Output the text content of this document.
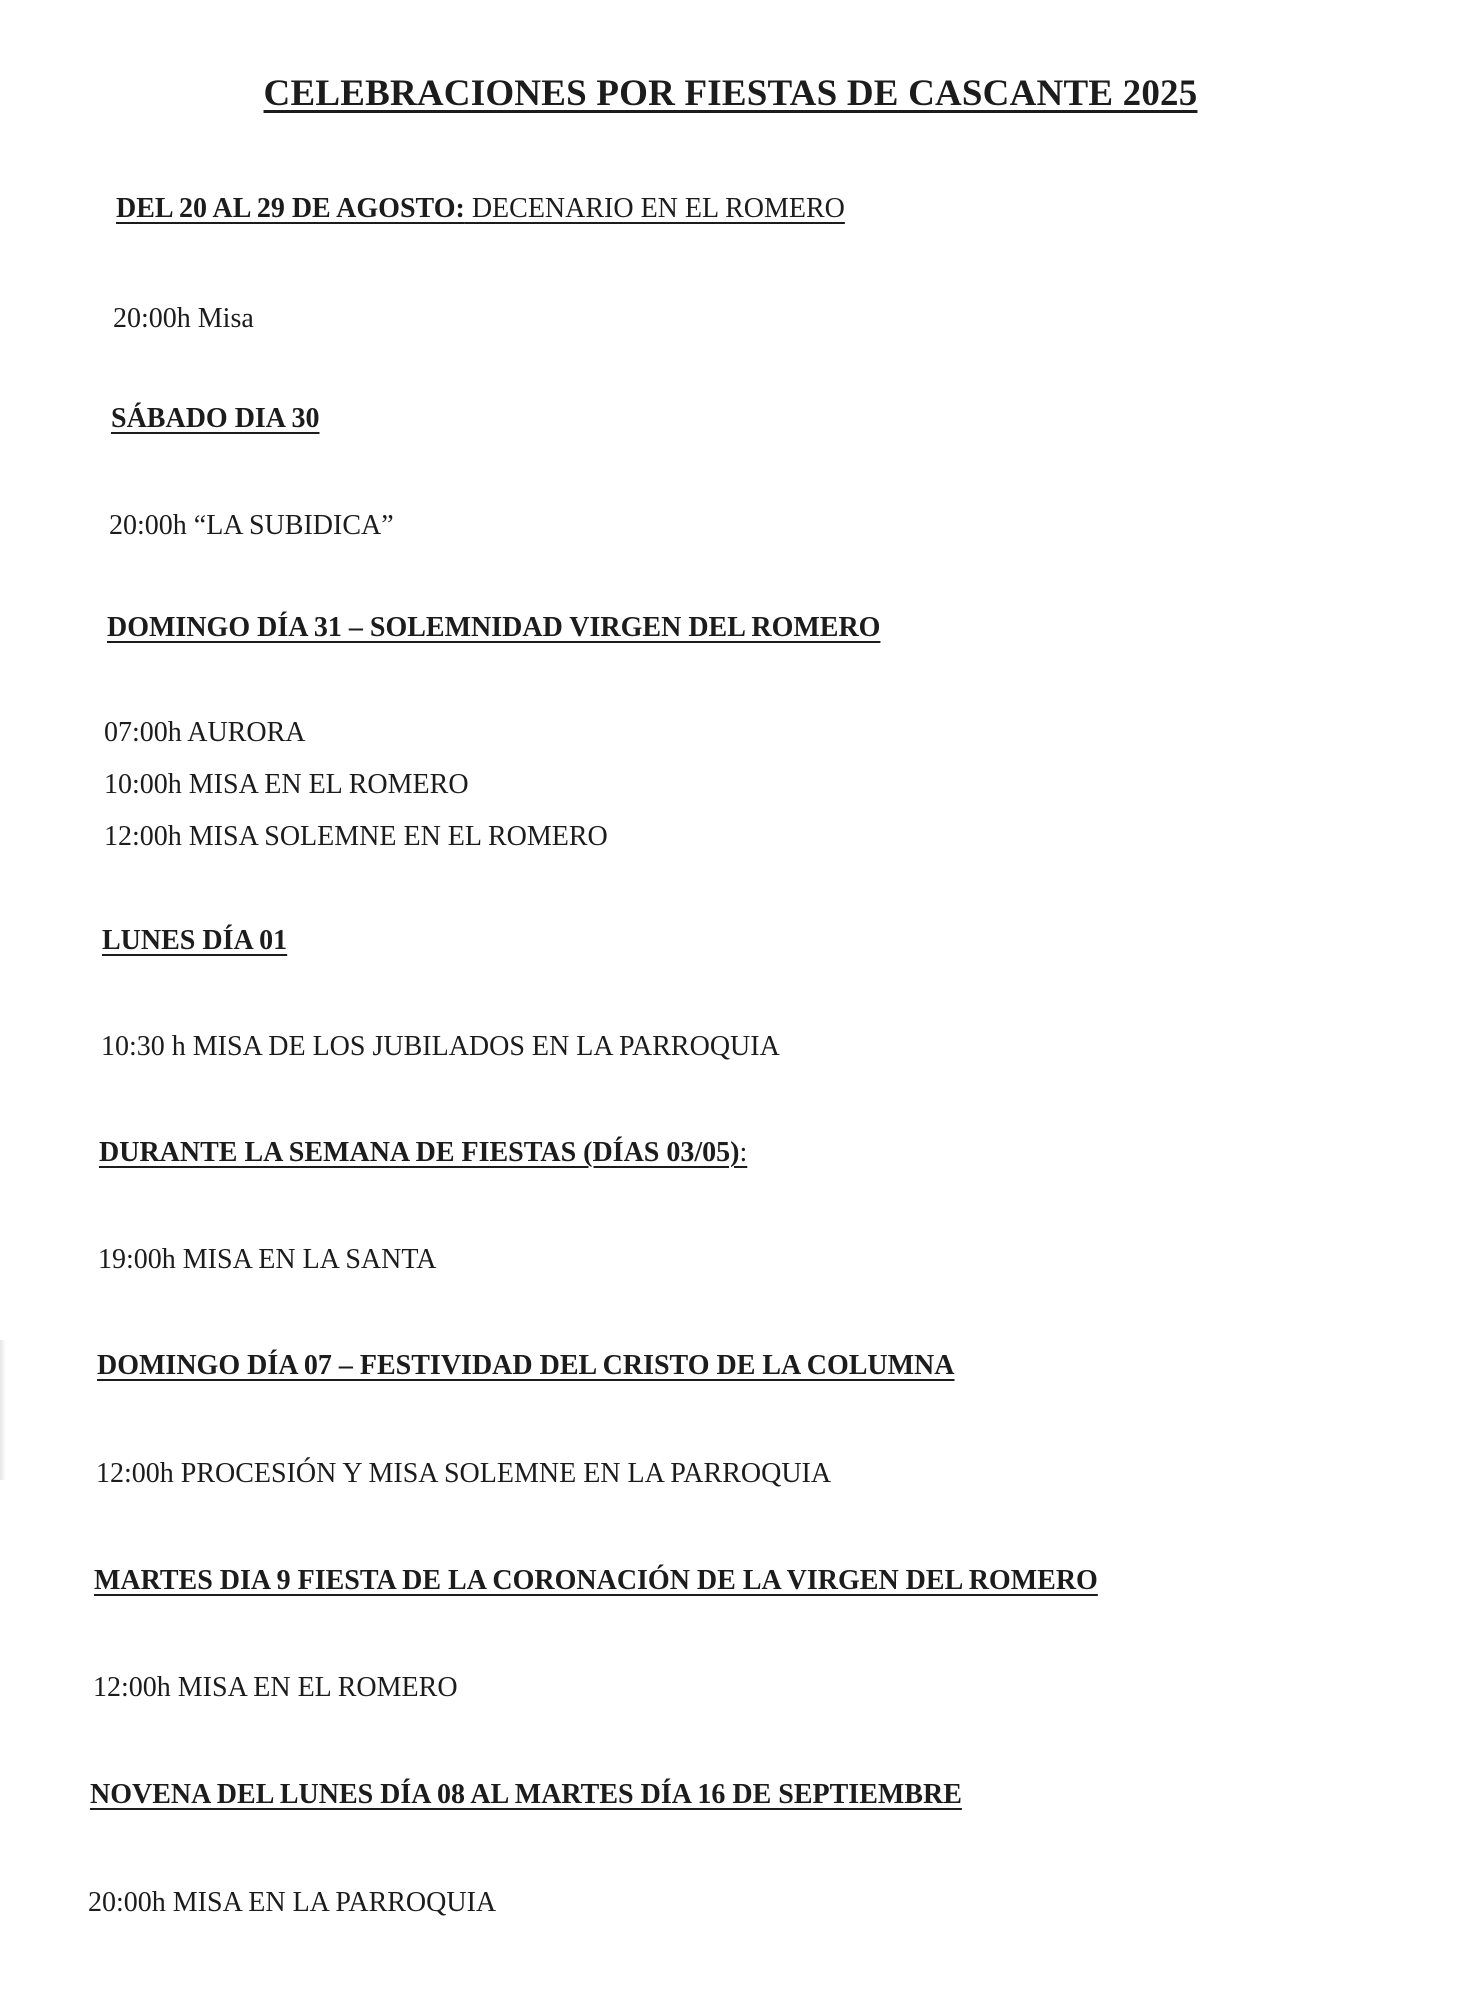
CELEBRACIONES POR FIESTAS DE CASCANTE 2025
DEL 20 AL 29 DE AGOSTO: DECENARIO EN EL ROMERO
20:00h Misa
SÁBADO DIA 30
20:00h “LA SUBIDICA”
DOMINGO DÍA 31 – SOLEMNIDAD VIRGEN DEL ROMERO
07:00h AURORA
10:00h MISA EN EL ROMERO
12:00h MISA SOLEMNE EN EL ROMERO
LUNES DÍA 01
10:30 h MISA DE LOS JUBILADOS EN LA PARROQUIA
DURANTE LA SEMANA DE FIESTAS (DÍAS 03/05):
19:00h MISA EN LA SANTA
DOMINGO DÍA 07 – FESTIVIDAD DEL CRISTO DE LA COLUMNA
12:00h PROCESIÓN Y MISA SOLEMNE EN LA PARROQUIA
MARTES DIA 9 FIESTA DE LA CORONACIÓN DE LA VIRGEN DEL ROMERO
12:00h MISA EN EL ROMERO
NOVENA DEL LUNES DÍA 08 AL MARTES DÍA 16 DE SEPTIEMBRE
20:00h MISA EN LA PARROQUIA
